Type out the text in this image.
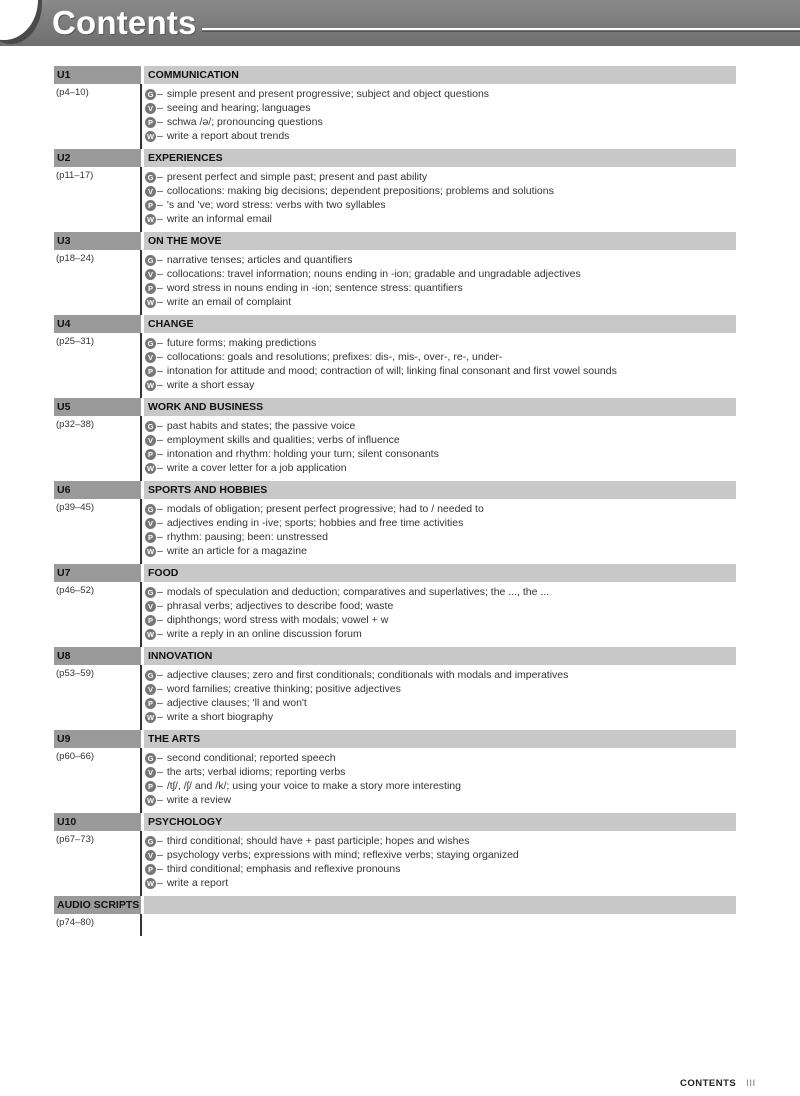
Contents
U1	COMMUNICATION
(p4–10)	G – simple present and present progressive; subject and object questions
V – seeing and hearing; languages
P – schwa /ə/; pronouncing questions
W – write a report about trends
U2	EXPERIENCES
(p11–17)	G – present perfect and simple past; present and past ability
V – collocations: making big decisions; dependent prepositions; problems and solutions
P – 's and 've; word stress: verbs with two syllables
W – write an informal email
U3	ON THE MOVE
(p18–24)	G – narrative tenses; articles and quantifiers
V – collocations: travel information; nouns ending in -ion; gradable and ungradable adjectives
P – word stress in nouns ending in -ion; sentence stress: quantifiers
W – write an email of complaint
U4	CHANGE
(p25–31)	G – future forms; making predictions
V – collocations: goals and resolutions; prefixes: dis-, mis-, over-, re-, under-
P – intonation for attitude and mood; contraction of will; linking final consonant and first vowel sounds
W – write a short essay
U5	WORK AND BUSINESS
(p32–38)	G – past habits and states; the passive voice
V – employment skills and qualities; verbs of influence
P – intonation and rhythm: holding your turn; silent consonants
W – write a cover letter for a job application
U6	SPORTS AND HOBBIES
(p39–45)	G – modals of obligation; present perfect progressive; had to / needed to
V – adjectives ending in -ive; sports; hobbies and free time activities
P – rhythm: pausing; been: unstressed
W – write an article for a magazine
U7	FOOD
(p46–52)	G – modals of speculation and deduction; comparatives and superlatives; the ..., the ...
V – phrasal verbs; adjectives to describe food; waste
P – diphthongs; word stress with modals; vowel + w
W – write a reply in an online discussion forum
U8	INNOVATION
(p53–59)	G – adjective clauses; zero and first conditionals; conditionals with modals and imperatives
V – word families; creative thinking; positive adjectives
P – adjective clauses; 'll and won't
W – write a short biography
U9	THE ARTS
(p60–66)	G – second conditional; reported speech
V – the arts; verbal idioms; reporting verbs
P – /tʃ/, /ʃ/ and /k/; using your voice to make a story more interesting
W – write a review
U10	PSYCHOLOGY
(p67–73)	G – third conditional; should have + past participle; hopes and wishes
V – psychology verbs; expressions with mind; reflexive verbs; staying organized
P – third conditional; emphasis and reflexive pronouns
W – write a report
AUDIO SCRIPTS
(p74–80)
CONTENTS III
